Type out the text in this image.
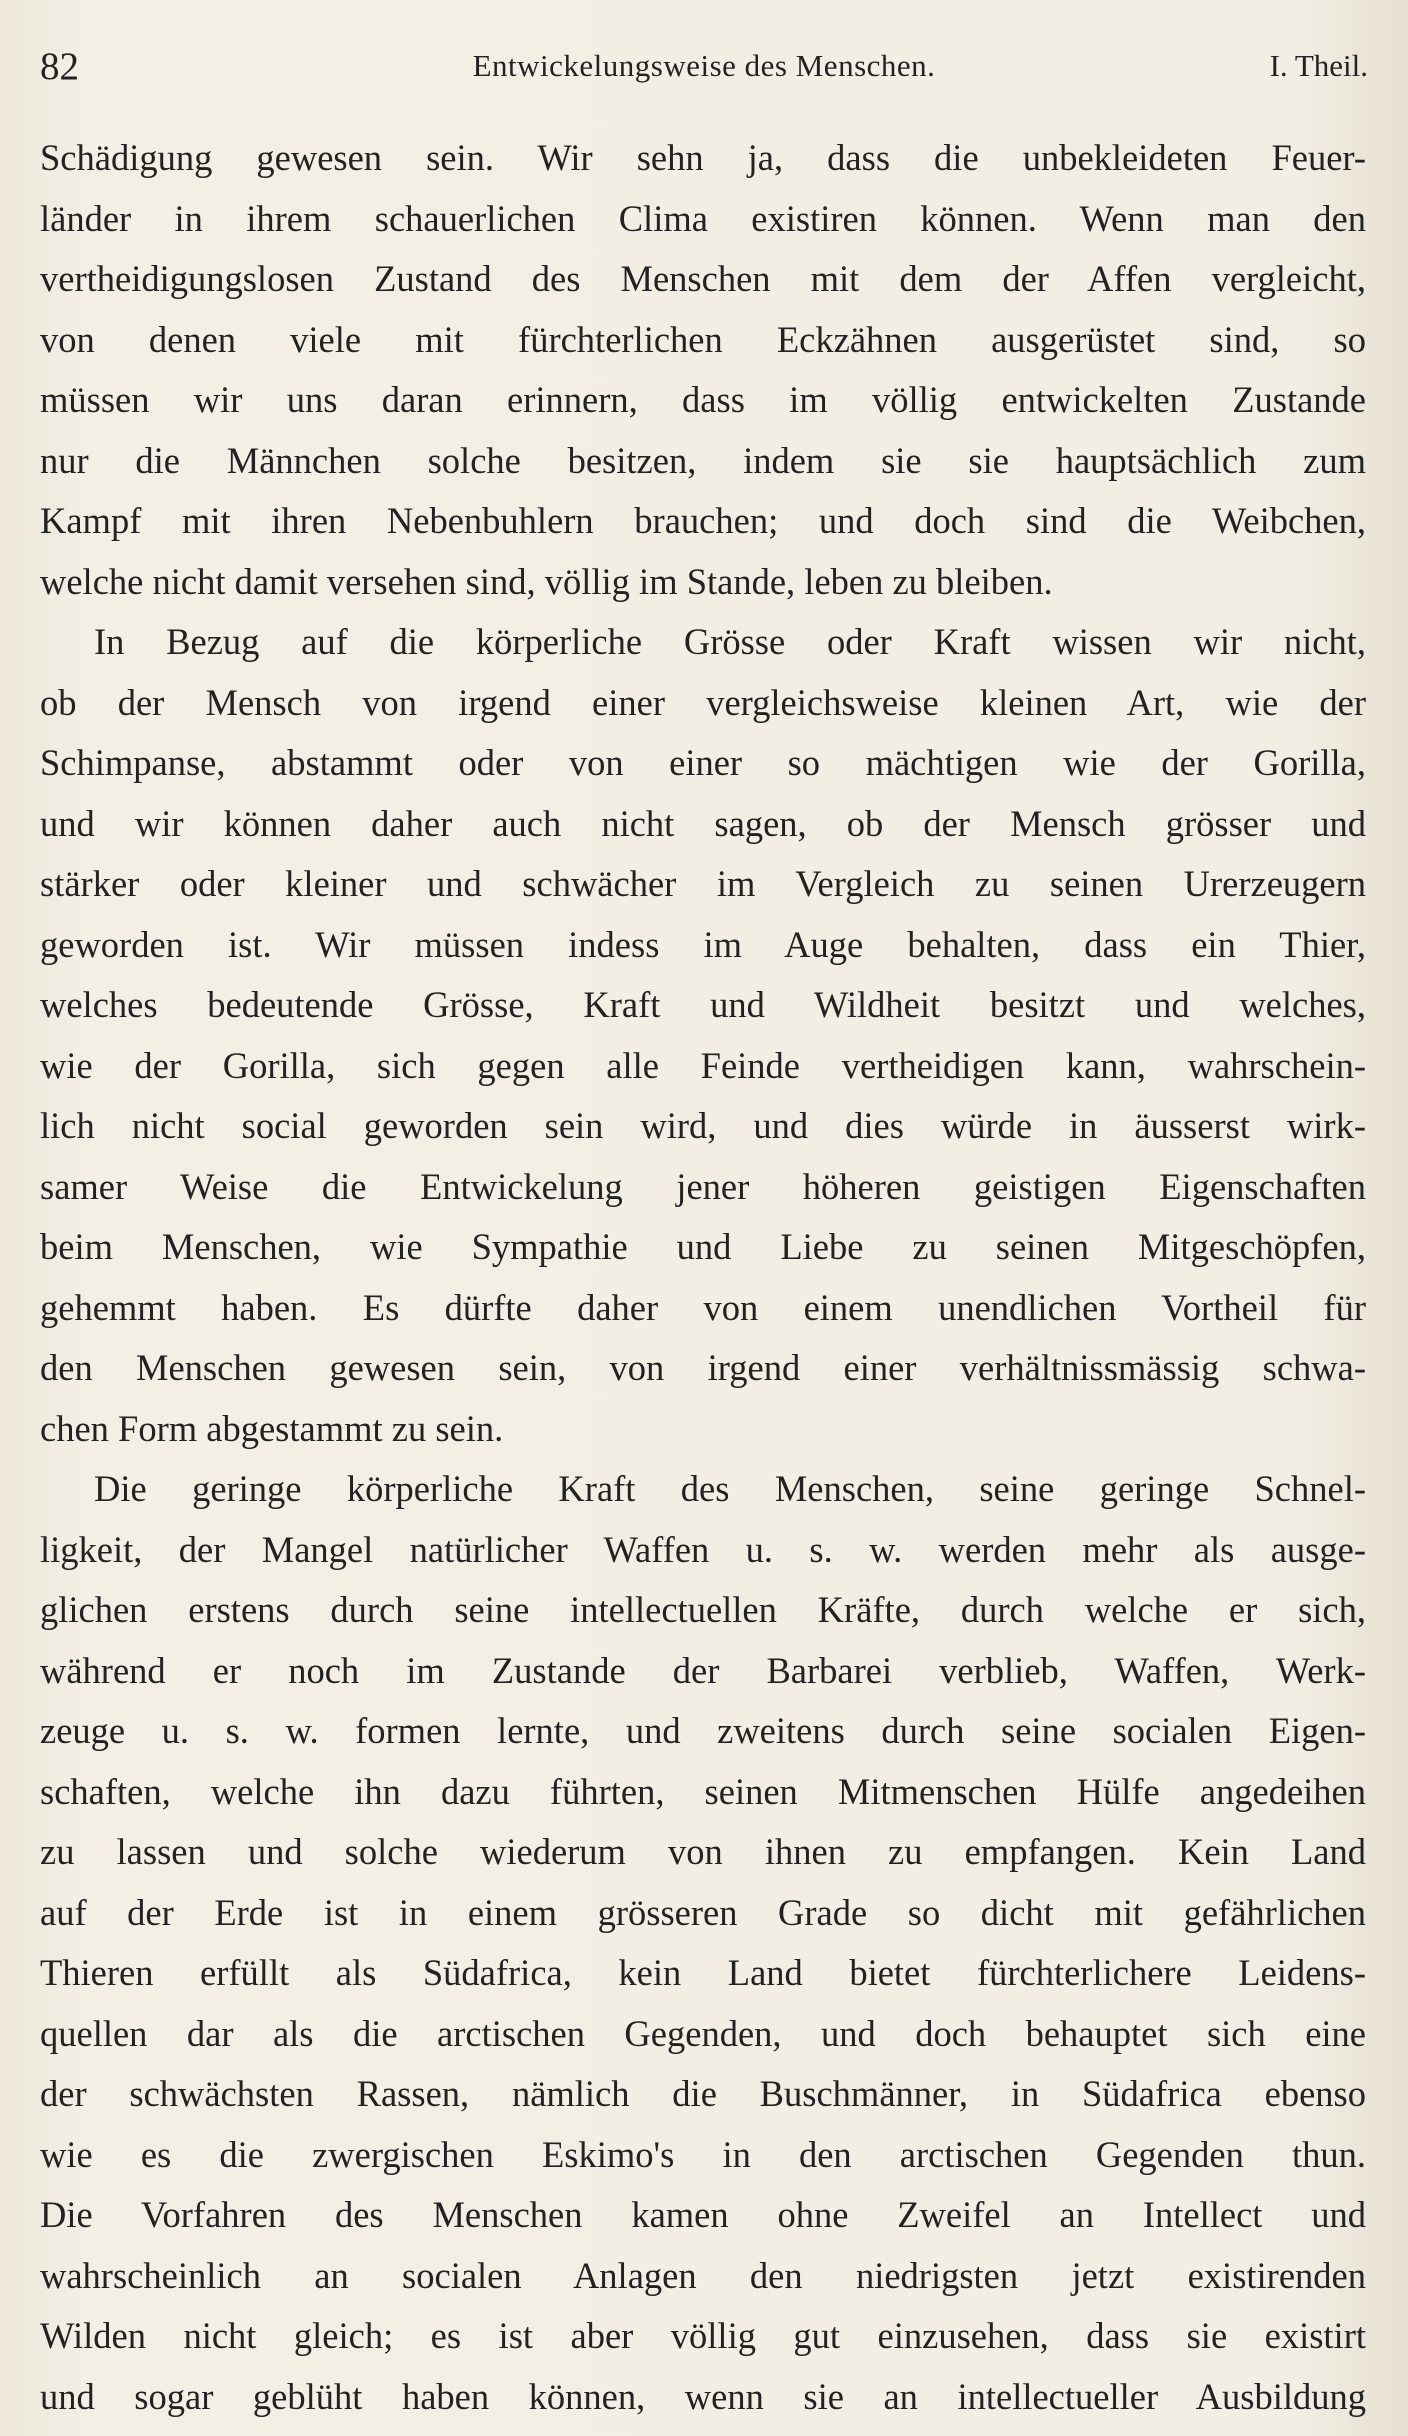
82	Entwickelungsweise des Menschen.	I. Theil.
Schädigung gewesen sein. Wir sehn ja, dass die unbekleideten Feuer-
länder in ihrem schauerlichen Clima existiren können. Wenn man den
vertheidigungslosen Zustand des Menschen mit dem der Affen vergleicht,
von denen viele mit fürchterlichen Eckzähnen ausgerüstet sind, so
müssen wir uns daran erinnern, dass im völlig entwickelten Zustande
nur die Männchen solche besitzen, indem sie sie hauptsächlich zum
Kampf mit ihren Nebenbuhlern brauchen; und doch sind die Weibchen,
welche nicht damit versehen sind, völlig im Stande, leben zu bleiben.
In Bezug auf die körperliche Grösse oder Kraft wissen wir nicht,
ob der Mensch von irgend einer vergleichsweise kleinen Art, wie der
Schimpanse, abstammt oder von einer so mächtigen wie der Gorilla,
und wir können daher auch nicht sagen, ob der Mensch grösser und
stärker oder kleiner und schwächer im Vergleich zu seinen Urerzeugern
geworden ist. Wir müssen indess im Auge behalten, dass ein Thier,
welches bedeutende Grösse, Kraft und Wildheit besitzt und welches,
wie der Gorilla, sich gegen alle Feinde vertheidigen kann, wahrschein-
lich nicht social geworden sein wird, und dies würde in äusserst wirk-
samer Weise die Entwickelung jener höheren geistigen Eigenschaften
beim Menschen, wie Sympathie und Liebe zu seinen Mitgeschöpfen,
gehemmt haben. Es dürfte daher von einem unendlichen Vortheil für
den Menschen gewesen sein, von irgend einer verhältnissmässig schwa-
chen Form abgestammt zu sein.
Die geringe körperliche Kraft des Menschen, seine geringe Schnel-
ligkeit, der Mangel natürlicher Waffen u. s. w. werden mehr als ausge-
glichen erstens durch seine intellectuellen Kräfte, durch welche er sich,
während er noch im Zustande der Barbarei verblieb, Waffen, Werk-
zeuge u. s. w. formen lernte, und zweitens durch seine socialen Eigen-
schaften, welche ihn dazu führten, seinen Mitmenschen Hülfe angedeihen
zu lassen und solche wiederum von ihnen zu empfangen. Kein Land
auf der Erde ist in einem grösseren Grade so dicht mit gefährlichen
Thieren erfüllt als Südafrica, kein Land bietet fürchterlichere Leidens-
quellen dar als die arctischen Gegenden, und doch behauptet sich eine
der schwächsten Rassen, nämlich die Buschmänner, in Südafrica ebenso
wie es die zwergischen Eskimo's in den arctischen Gegenden thun.
Die Vorfahren des Menschen kamen ohne Zweifel an Intellect und
wahrscheinlich an socialen Anlagen den niedrigsten jetzt existirenden
Wilden nicht gleich; es ist aber völlig gut einzusehen, dass sie existirt
und sogar geblüht haben können, wenn sie an intellectueller Ausbildung
